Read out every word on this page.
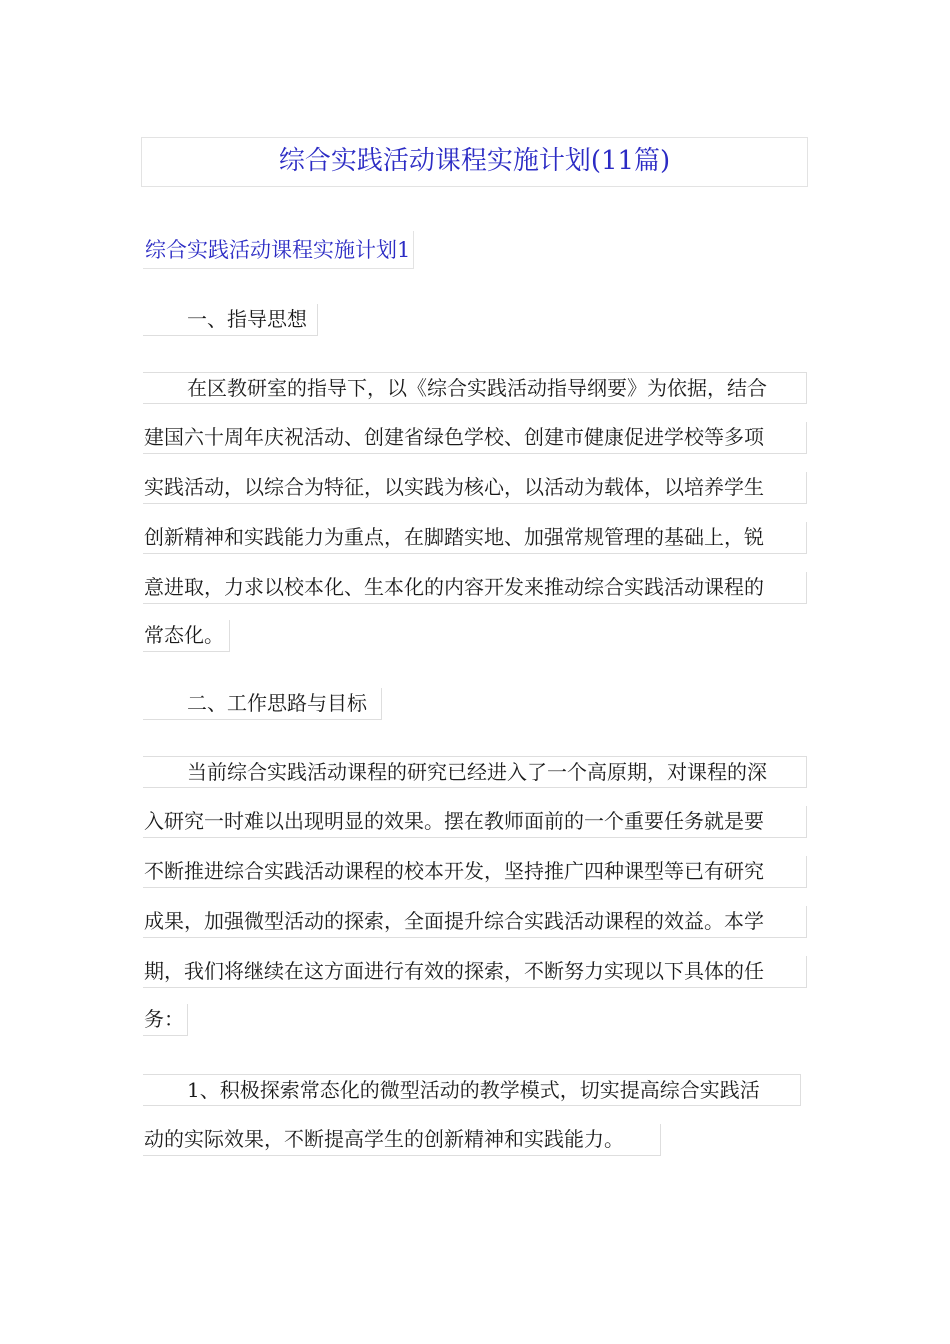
综合实践活动课程实施计划(11篇)
综合实践活动课程实施计划1
一、指导思想
在区教研室的指导下，以《综合实践活动指导纲要》为依据，结合
建国六十周年庆祝活动、创建省绿色学校、创建市健康促进学校等多项
实践活动，以综合为特征，以实践为核心，以活动为载体，以培养学生
创新精神和实践能力为重点，在脚踏实地、加强常规管理的基础上，锐
意进取，力求以校本化、生本化的内容开发来推动综合实践活动课程的
常态化。
二、工作思路与目标
当前综合实践活动课程的研究已经进入了一个高原期，对课程的深
入研究一时难以出现明显的效果。摆在教师面前的一个重要任务就是要
不断推进综合实践活动课程的校本开发，坚持推广四种课型等已有研究
成果，加强微型活动的探索，全面提升综合实践活动课程的效益。本学
期，我们将继续在这方面进行有效的探索，不断努力实现以下具体的任
务：
1、积极探索常态化的微型活动的教学模式，切实提高综合实践活
动的实际效果，不断提高学生的创新精神和实践能力。
